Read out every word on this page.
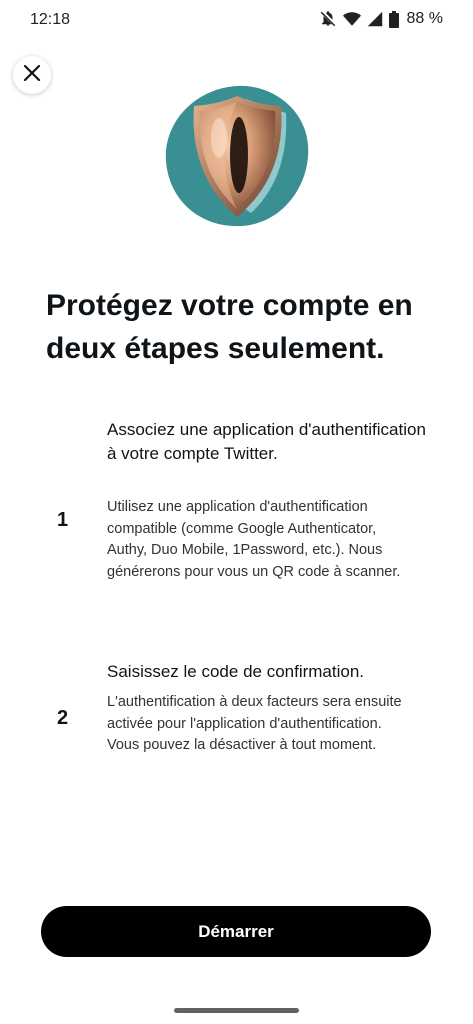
12:18	88 %
Protégez votre compte en deux étapes seulement.
1

Associez une application d'authentification à votre compte Twitter.

Utilisez une application d'authentification compatible (comme Google Authenticator, Authy, Duo Mobile, 1Password, etc.). Nous générerons pour vous un QR code à scanner.

2

Saisissez le code de confirmation.

L'authentification à deux facteurs sera ensuite activée pour l'application d'authentification. Vous pouvez la désactiver à tout moment.

Démarrer
